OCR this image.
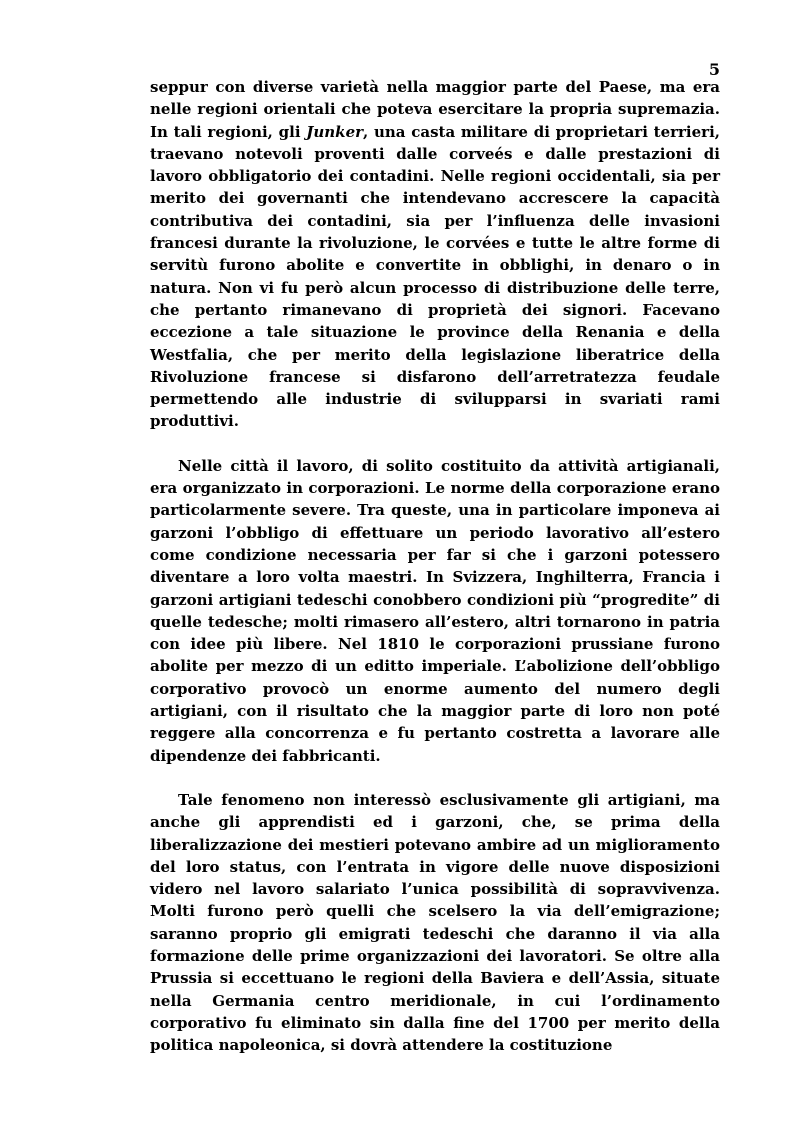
5

seppur con diverse varietà nella maggior parte del Paese, ma era nelle regioni orientali che poteva esercitare la propria supremazia. In tali regioni, gli Junker, una casta militare di proprietari terrieri, traevano notevoli proventi dalle corveés e dalle prestazioni di lavoro obbligatorio dei contadini. Nelle regioni occidentali, sia per merito dei governanti che intendevano accrescere la capacità contributiva dei contadini, sia per l’influenza delle invasioni francesi durante la rivoluzione, le corvées e tutte le altre forme di servitù furono abolite e convertite in obblighi, in denaro o in natura. Non vi fu però alcun processo di distribuzione delle terre, che pertanto rimanevano di proprietà dei signori. Facevano eccezione a tale situazione le province della Renania e della Westfalia, che per merito della legislazione liberatrice della Rivoluzione francese si disfarono dell’arretratezza feudale permettendo alle industrie di svilupparsi in svariati rami produttivi.

Nelle città il lavoro, di solito costituito da attività artigianali, era organizzato in corporazioni. Le norme della corporazione erano particolarmente severe. Tra queste, una in particolare imponeva ai garzoni l’obbligo di effettuare un periodo lavorativo all’estero come condizione necessaria per far si che i garzoni potessero diventare a loro volta maestri. In Svizzera, Inghilterra, Francia i garzoni artigiani tedeschi conobbero condizioni più “progredite” di quelle tedesche; molti rimasero all’estero, altri tornarono in patria con idee più libere. Nel 1810 le corporazioni prussiane furono abolite per mezzo di un editto imperiale. L’abolizione dell’obbligo corporativo provocò un enorme aumento del numero degli artigiani, con il risultato che la maggior parte di loro non poté reggere alla concorrenza e fu pertanto costretta a lavorare alle dipendenze dei fabbricanti.

Tale fenomeno non interessò esclusivamente gli artigiani, ma anche gli apprendisti ed i garzoni, che, se prima della liberalizzazione dei mestieri potevano ambire ad un miglioramento del loro status, con l’entrata in vigore delle nuove disposizioni videro nel lavoro salariato l’unica possibilità di sopravvivenza. Molti furono però quelli che scelsero la via dell’emigrazione; saranno proprio gli emigrati tedeschi che daranno il via alla formazione delle prime organizzazioni dei lavoratori. Se oltre alla Prussia si eccettuano le regioni della Baviera e dell’Assia, situate nella Germania centro meridionale, in cui l’ordinamento corporativo fu eliminato sin dalla fine del 1700 per merito della politica napoleonica, si dovrà attendere la costituzione
